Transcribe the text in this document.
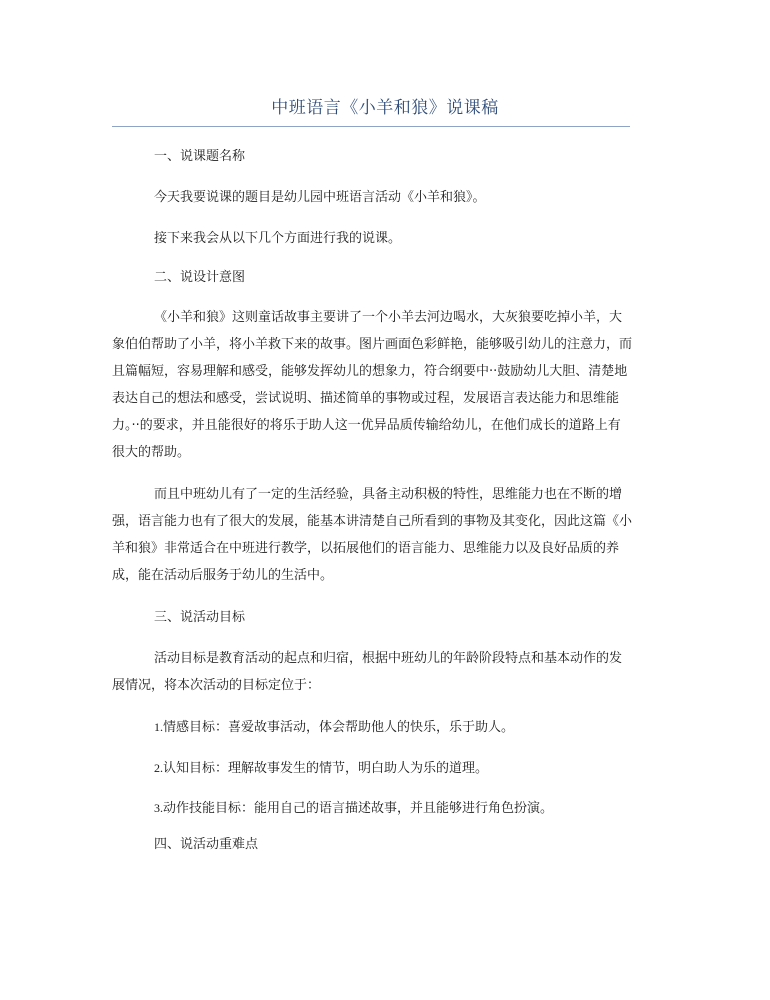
中班语言《小羊和狼》说课稿

一、说课题名称

今天我要说课的题目是幼儿园中班语言活动《小羊和狼》。

接下来我会从以下几个方面进行我的说课。

二、说设计意图

《小羊和狼》这则童话故事主要讲了一个小羊去河边喝水，大灰狼要吃掉小羊，大象伯伯帮助了小羊，将小羊救下来的故事。图片画面色彩鲜艳，能够吸引幼儿的注意力，而且篇幅短，容易理解和感受，能够发挥幼儿的想象力，符合纲要中··鼓励幼儿大胆、清楚地表达自己的想法和感受，尝试说明、描述简单的事物或过程，发展语言表达能力和思维能力。··的要求，并且能很好的将乐于助人这一优异品质传输给幼儿，在他们成长的道路上有很大的帮助。

而且中班幼儿有了一定的生活经验，具备主动积极的特性，思维能力也在不断的增强，语言能力也有了很大的发展，能基本讲清楚自己所看到的事物及其变化，因此这篇《小羊和狼》非常适合在中班进行教学，以拓展他们的语言能力、思维能力以及良好品质的养成，能在活动后服务于幼儿的生活中。

三、说活动目标

活动目标是教育活动的起点和归宿，根据中班幼儿的年龄阶段特点和基本动作的发展情况，将本次活动的目标定位于：

1.情感目标：喜爱故事活动，体会帮助他人的快乐，乐于助人。
2.认知目标：理解故事发生的情节，明白助人为乐的道理。
3.动作技能目标：能用自己的语言描述故事，并且能够进行角色扮演。

四、说活动重难点
